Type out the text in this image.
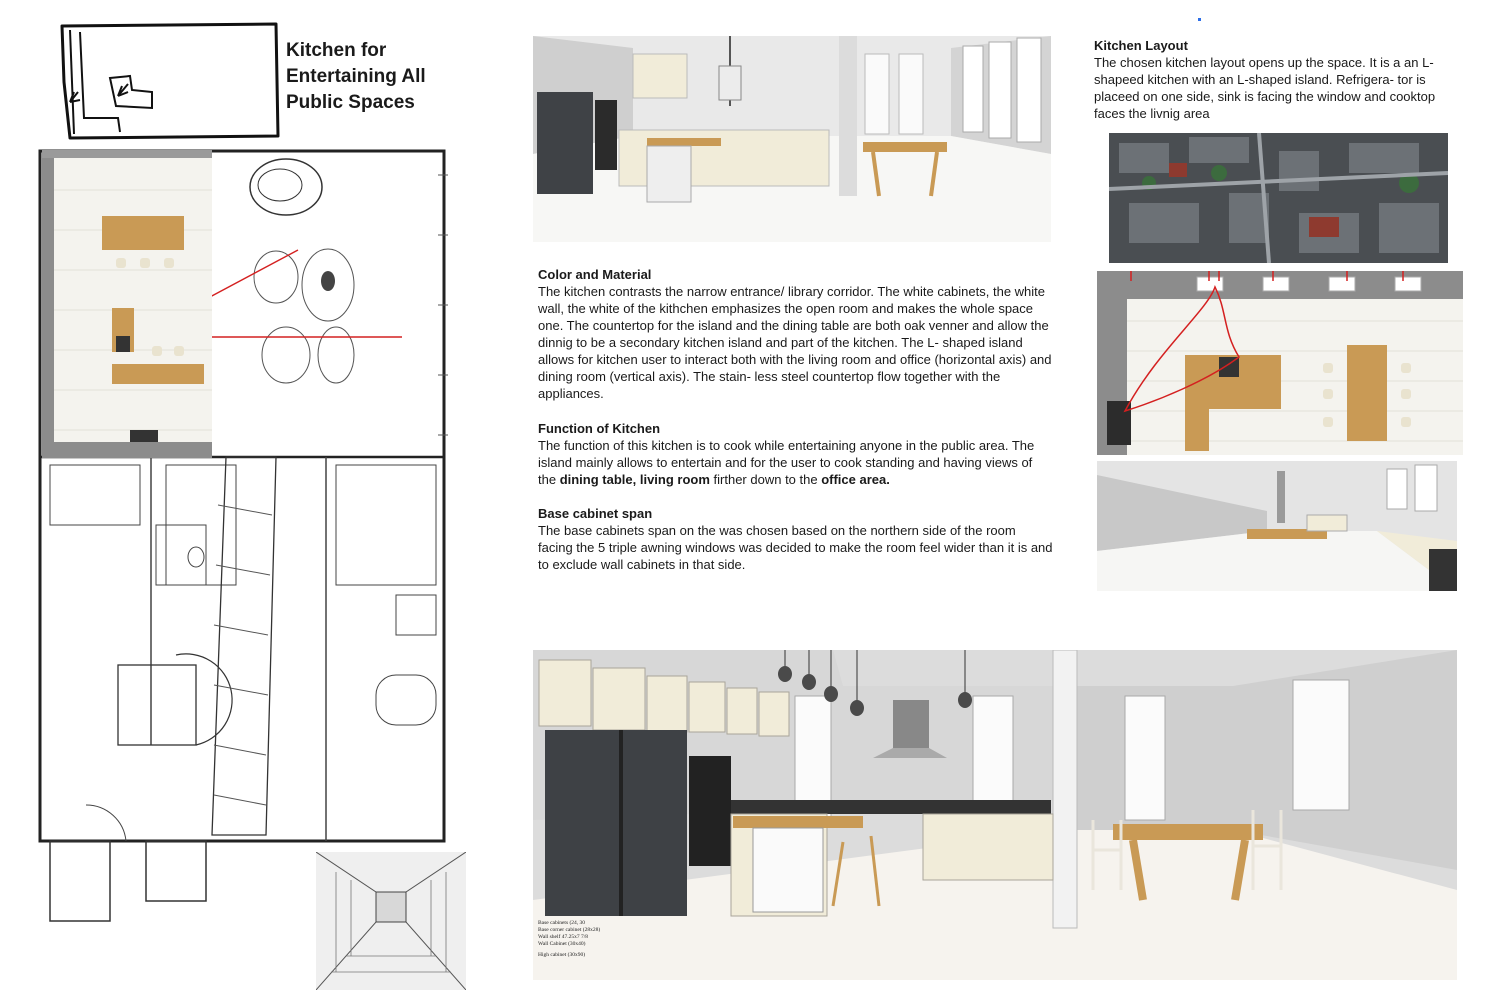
Kitchen for
Entertaining All
Public Spaces
Kitchen Layout

The chosen kitchen layout opens up the space. It is a an L- shapeed kitchen with an L-shaped island. Refrigera- tor is placeed on one side, sink is facing the window and cooktop faces the livnig area

Color and Material

The kitchen contrasts the narrow entrance/ library corridor. The white cabinets, the white wall, the white of the kithchen emphasizes the open room and makes the whole space one. The countertop for the island and the dining table are both oak venner and allow the dinnig to be a secondary kitchen island and part of the kitchen. The L- shaped island allows for kitchen user to interact both with the living room and office (horizontal axis) and dining room (vertical axis). The stain- less steel countertop flow together with the appliances.

Function of Kitchen

The function of this kitchen is to cook while entertaining anyone in the public area. The island mainly allows to entertain and for the user to cook standing and having views of the dining table, living room firther down to the office area.

Base cabinet span

The base cabinets span on the was chosen based on the northern side of the room facing the 5 triple awning windows was decided to make the room feel wider than it is and to exclude wall cabinets in that side.

Base cabinets (24, 30
Base corner cabinet (28x28)
Wall shelf 47.25x7 7/8
Wall Cabinet (30x40)
High cabinet (30x90)
